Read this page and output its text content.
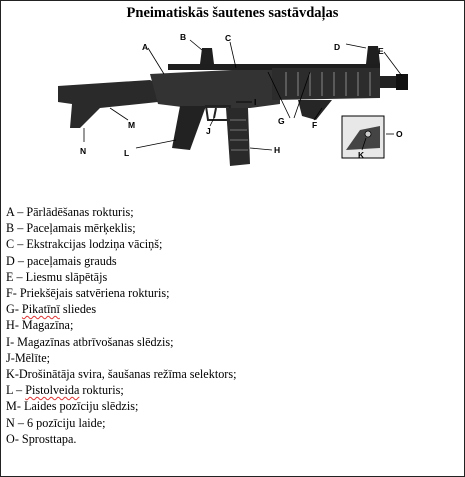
Pneimatiskās šautenes sastāvdaļas
A
B	C
D	E
F
G
H
I
J
K
L
M
N
O
A – Pārlādēšanas rokturis;
B – Paceļamais mērķeklis;
C – Ekstrakcijas lodziņa vāciņš;
D – paceļamais grauds
E – Liesmu slāpētājs
F- Priekšējais satvēriena rokturis;
G- Pikatīnī sliedes
H- Magazīna;
I- Magazīnas atbrīvošanas slēdzis;
J-Mēlīte;
K-Drošinātāja svira, šaušanas režīma selektors;
L – Pistolveida rokturis;
M- Laides pozīciju slēdzis;
N – 6 pozīciju laide;
O- Sprosttapa.
